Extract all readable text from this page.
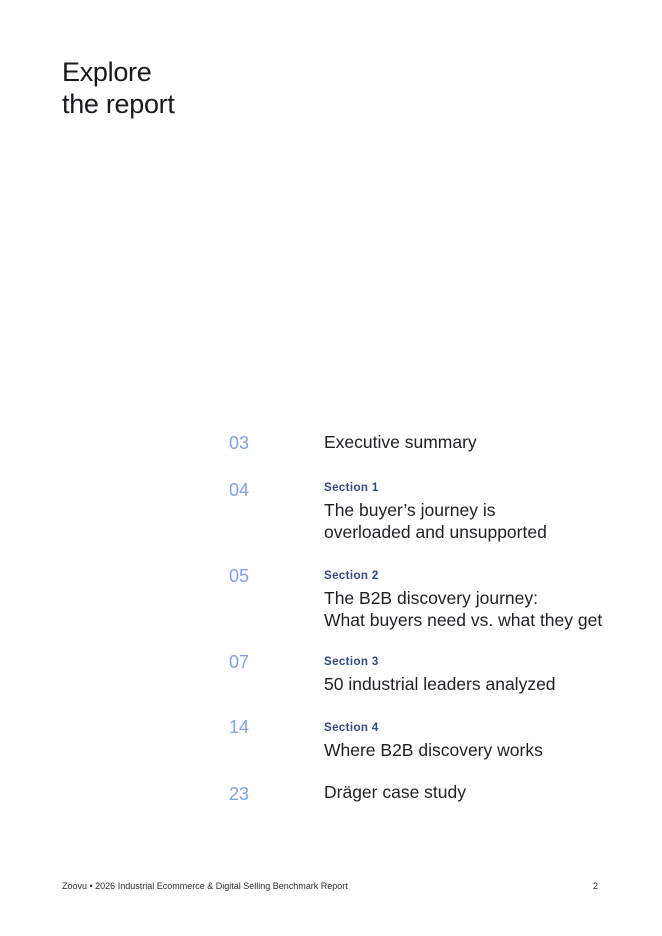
Explore
the report
03	Executive summary
04	Section 1
The buyer’s journey is
overloaded and unsupported
05	Section 2
The B2B discovery journey:
What buyers need vs. what they get
07	Section 3
50 industrial leaders analyzed
14	Section 4
Where B2B discovery works
23	Dräger case study
Zoovu • 2026 Industrial Ecommerce & Digital Selling Benchmark Report	2
